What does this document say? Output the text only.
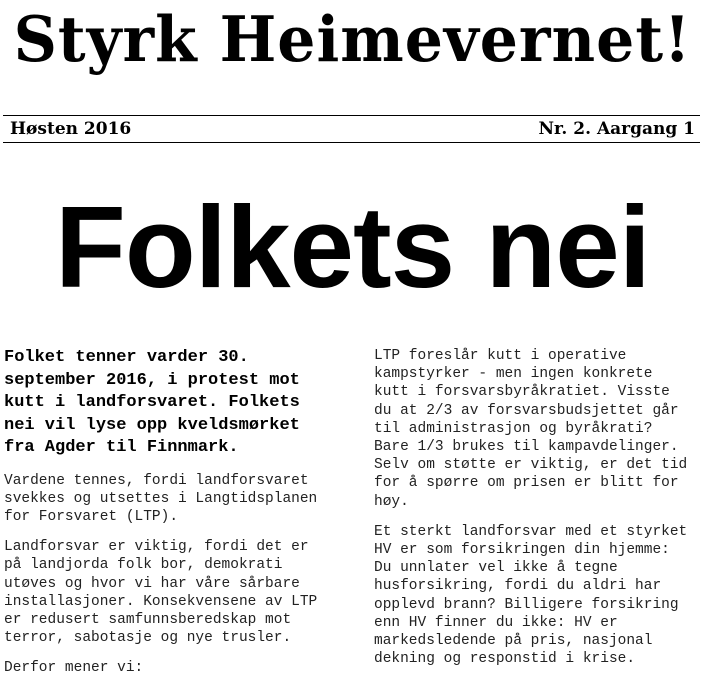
Styrk Heimevernet!
Høsten 2016	Nr. 2. Aargang 1
Folkets nei

Folket tenner varder 30. september 2016, i protest mot kutt i landforsvaret. Folkets nei vil lyse opp kveldsmørket fra Agder til Finnmark.

Vardene tennes, fordi landforsvaret svekkes og utsettes i Langtidsplanen for Forsvaret (LTP).

Landforsvar er viktig, fordi det er på landjorda folk bor, demokrati utøves og hvor vi har våre sårbare installasjoner. Konsekvensene av LTP er redusert samfunnsberedskap mot terror, sabotasje og nye trusler.

Derfor mener vi:

LTP foreslår kutt i operative kampstyrker - men ingen konkrete kutt i forsvarsbyråkratiet. Visste du at 2/3 av forsvarsbudsjettet går til administrasjon og byråkrati? Bare 1/3 brukes til kampavdelinger. Selv om støtte er viktig, er det tid for å spørre om prisen er blitt for høy.

Et sterkt landforsvar med et styrket HV er som forsikringen din hjemme: Du unnlater vel ikke å tegne husforsikring, fordi du aldri har opplevd brann? Billigere forsikring enn HV finner du ikke: HV er markedsledende på pris, nasjonal dekning og responstid i krise.
